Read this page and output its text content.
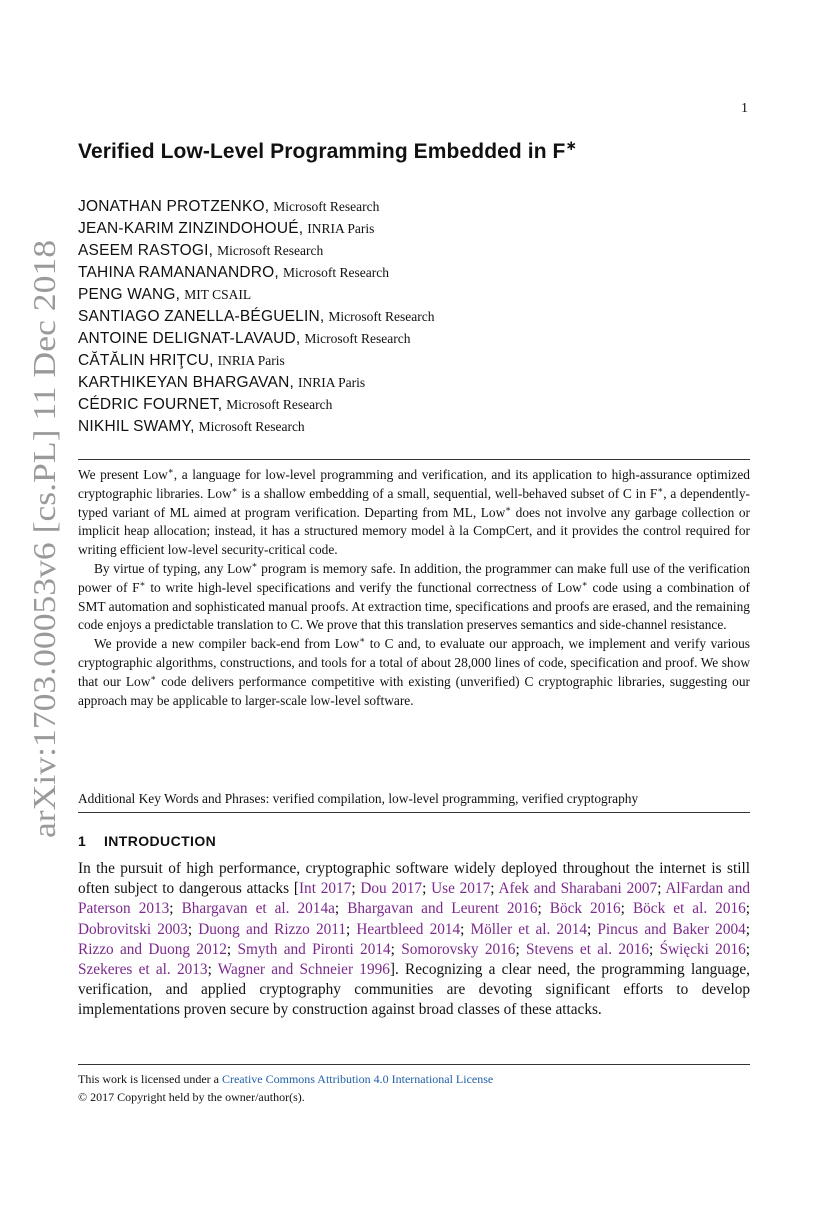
arXiv:1703.00053v6 [cs.PL] 11 Dec 2018
1
Verified Low-Level Programming Embedded in F∗
JONATHAN PROTZENKO, Microsoft Research
JEAN-KARIM ZINZINDOHOUÉ, INRIA Paris
ASEEM RASTOGI, Microsoft Research
TAHINA RAMANANANDRO, Microsoft Research
PENG WANG, MIT CSAIL
SANTIAGO ZANELLA-BÉGUELIN, Microsoft Research
ANTOINE DELIGNAT-LAVAUD, Microsoft Research
CĂTĂLIN HRIŢCU, INRIA Paris
KARTHIKEYAN BHARGAVAN, INRIA Paris
CÉDRIC FOURNET, Microsoft Research
NIKHIL SWAMY, Microsoft Research

We present Low∗, a language for low-level programming and verification, and its application to high-assurance optimized cryptographic libraries. Low∗ is a shallow embedding of a small, sequential, well-behaved subset of C in F∗, a dependently-typed variant of ML aimed at program verification. Departing from ML, Low∗ does not involve any garbage collection or implicit heap allocation; instead, it has a structured memory model à la CompCert, and it provides the control required for writing efficient low-level security-critical code.

By virtue of typing, any Low∗ program is memory safe. In addition, the programmer can make full use of the verification power of F∗ to write high-level specifications and verify the functional correctness of Low∗ code using a combination of SMT automation and sophisticated manual proofs. At extraction time, specifications and proofs are erased, and the remaining code enjoys a predictable translation to C. We prove that this translation preserves semantics and side-channel resistance.

We provide a new compiler back-end from Low∗ to C and, to evaluate our approach, we implement and verify various cryptographic algorithms, constructions, and tools for a total of about 28,000 lines of code, specification and proof. We show that our Low∗ code delivers performance competitive with existing (unverified) C cryptographic libraries, suggesting our approach may be applicable to larger-scale low-level software.

Additional Key Words and Phrases: verified compilation, low-level programming, verified cryptography
1 INTRODUCTION

In the pursuit of high performance, cryptographic software widely deployed throughout the internet is still often subject to dangerous attacks [Int 2017; Dou 2017; Use 2017; Afek and Sharabani 2007; AlFardan and Paterson 2013; Bhargavan et al. 2014a; Bhargavan and Leurent 2016; Böck 2016; Böck et al. 2016; Dobrovitski 2003; Duong and Rizzo 2011; Heartbleed 2014; Möller et al. 2014; Pincus and Baker 2004; Rizzo and Duong 2012; Smyth and Pironti 2014; Somorovsky 2016; Stevens et al. 2016; Święcki 2016; Szekeres et al. 2013; Wagner and Schneier 1996]. Recognizing a clear need, the programming language, verification, and applied cryptography communities are devoting significant efforts to develop implementations proven secure by construction against broad classes of these attacks.

This work is licensed under a Creative Commons Attribution 4.0 International License
© 2017 Copyright held by the owner/author(s).
